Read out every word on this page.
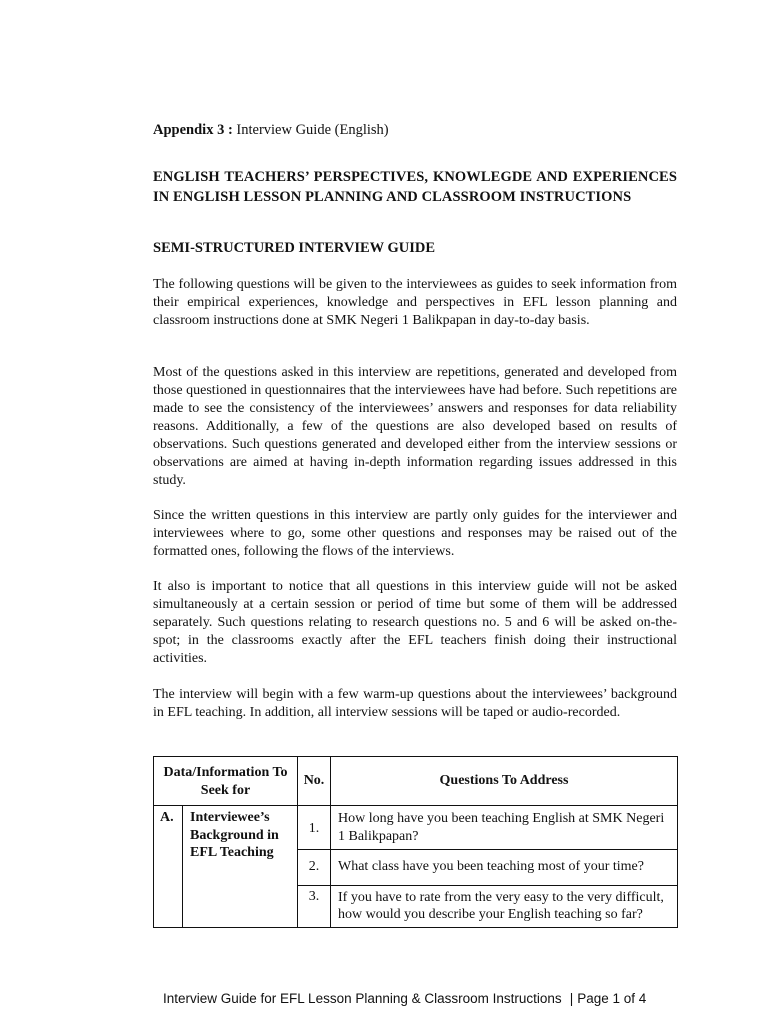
Appendix 3 : Interview Guide (English)
ENGLISH TEACHERS’ PERSPECTIVES, KNOWLEGDE AND EXPERIENCES IN ENGLISH LESSON PLANNING AND CLASSROOM INSTRUCTIONS
SEMI-STRUCTURED INTERVIEW GUIDE

The following questions will be given to the interviewees as guides to seek information from their empirical experiences, knowledge and perspectives in EFL lesson planning and classroom instructions done at SMK Negeri 1 Balikpapan in day-to-day basis.

Most of the questions asked in this interview are repetitions, generated and developed from those questioned in questionnaires that the interviewees have had before. Such repetitions are made to see the consistency of the interviewees’ answers and responses for data reliability reasons. Additionally, a few of the questions are also developed based on results of observations. Such questions generated and developed either from the interview sessions or observations are aimed at having in-depth information regarding issues addressed in this study.

Since the written questions in this interview are partly only guides for the interviewer and interviewees where to go, some other questions and responses may be raised out of the formatted ones, following the flows of the interviews.

It also is important to notice that all questions in this interview guide will not be asked simultaneously at a certain session or period of time but some of them will be addressed separately. Such questions relating to research questions no. 5 and 6 will be asked on-the-spot; in the classrooms exactly after the EFL teachers finish doing their instructional activities.

The interview will begin with a few warm-up questions about the interviewees’ background in EFL teaching. In addition, all interview sessions will be taped or audio-recorded.

Data/Information To Seek for		No.	Questions To Address
A.	Interviewee’s Background in EFL Teaching	1.	How long have you been teaching English at SMK Negeri 1 Balikpapan?
		2.	What class have you been teaching most of your time?
		3.	If you have to rate from the very easy to the very difficult, how would you describe your English teaching so far?
Interview Guide for EFL Lesson Planning & Classroom Instructions | Page 1 of 4
